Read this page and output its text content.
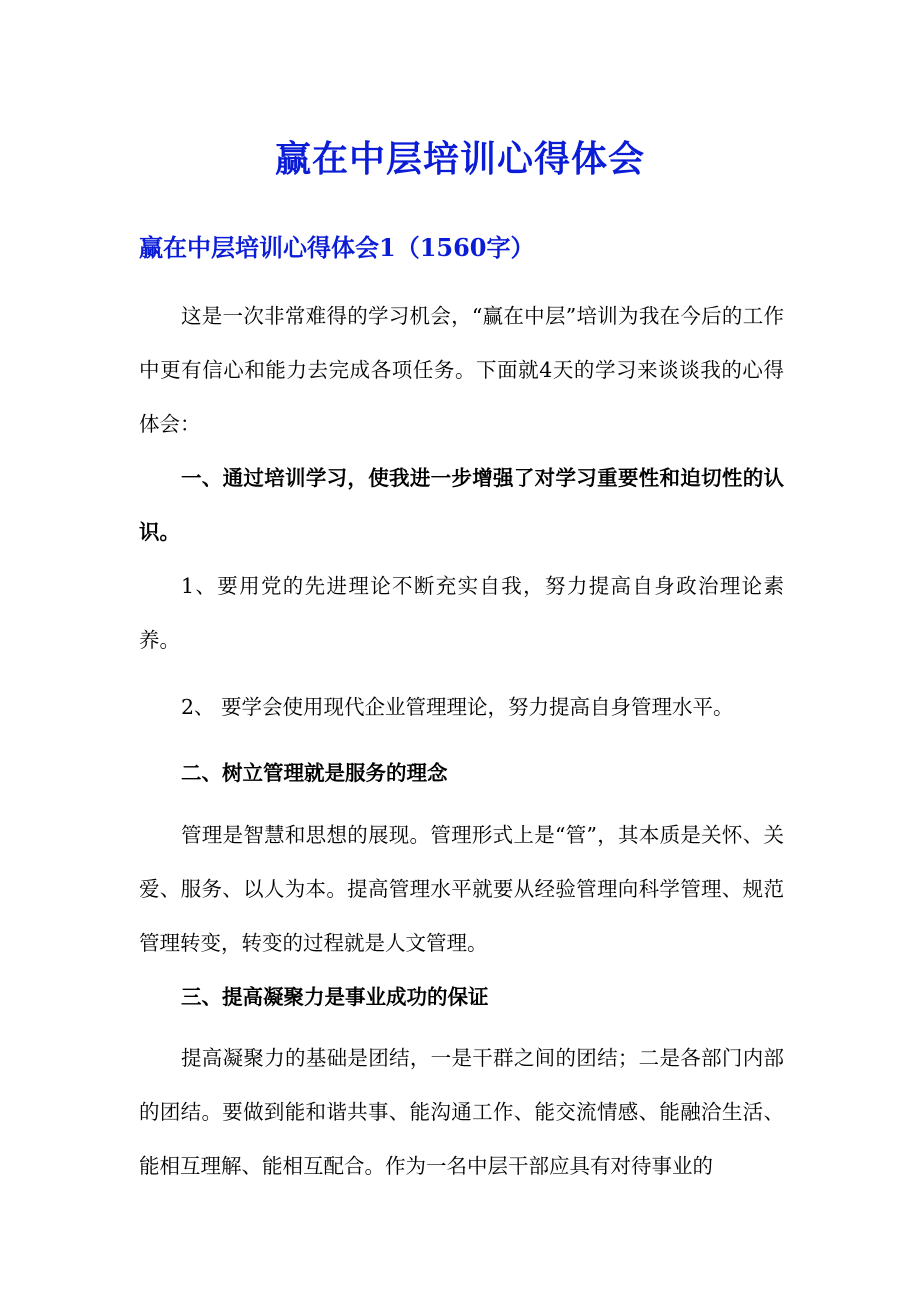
赢在中层培训心得体会
赢在中层培训心得体会1（1560字）

这是一次非常难得的学习机会，“赢在中层”培训为我在今后的工作中更有信心和能力去完成各项任务。下面就4天的学习来谈谈我的心得体会：

一、通过培训学习，使我进一步增强了对学习重要性和迫切性的认识。

1、要用党的先进理论不断充实自我，努力提高自身政治理论素养。

2、 要学会使用现代企业管理理论，努力提高自身管理水平。

二、树立管理就是服务的理念

管理是智慧和思想的展现。管理形式上是“管”，其本质是关怀、关爱、服务、以人为本。提高管理水平就要从经验管理向科学管理、规范管理转变，转变的过程就是人文管理。

三、提高凝聚力是事业成功的保证

提高凝聚力的基础是团结，一是干群之间的团结；二是各部门内部的团结。要做到能和谐共事、能沟通工作、能交流情感、能融洽生活、能相互理解、能相互配合。作为一名中层干部应具有对待事业的
